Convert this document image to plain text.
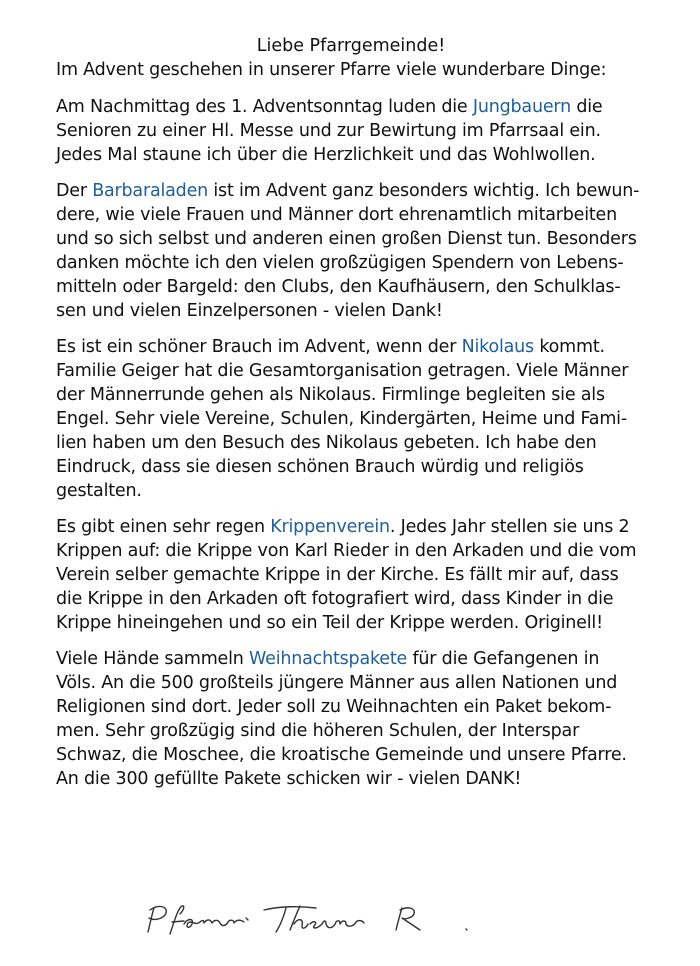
Liebe Pfarrgemeinde!

Im Advent geschehen in unserer Pfarre viele wunderbare Dinge:

Am Nachmittag des 1. Adventsonntag luden die Jungbauern die
Senioren zu einer Hl. Messe und zur Bewirtung im Pfarrsaal ein.
Jedes Mal staune ich über die Herzlichkeit und das Wohlwollen.

Der Barbaraladen ist im Advent ganz besonders wichtig. Ich bewun-
dere, wie viele Frauen und Männer dort ehrenamtlich mitarbeiten
und so sich selbst und anderen einen großen Dienst tun. Besonders
danken möchte ich den vielen großzügigen Spendern von Lebens-
mitteln oder Bargeld: den Clubs, den Kaufhäusern, den Schulklas-
sen und vielen Einzelpersonen - vielen Dank!

Es ist ein schöner Brauch im Advent, wenn der Nikolaus kommt.
Familie Geiger hat die Gesamtorganisation getragen. Viele Männer
der Männerrunde gehen als Nikolaus. Firmlinge begleiten sie als
Engel. Sehr viele Vereine, Schulen, Kindergärten, Heime und Fami-
lien haben um den Besuch des Nikolaus gebeten. Ich habe den
Eindruck, dass sie diesen schönen Brauch würdig und religiös
gestalten.

Es gibt einen sehr regen Krippenverein. Jedes Jahr stellen sie uns 2
Krippen auf: die Krippe von Karl Rieder in den Arkaden und die vom
Verein selber gemachte Krippe in der Kirche. Es fällt mir auf, dass
die Krippe in den Arkaden oft fotografiert wird, dass Kinder in die
Krippe hineingehen und so ein Teil der Krippe werden. Originell!

Viele Hände sammeln Weihnachtspakete für die Gefangenen in
Völs. An die 500 großteils jüngere Männer aus allen Nationen und
Religionen sind dort. Jeder soll zu Weihnachten ein Paket bekom-
men. Sehr großzügig sind die höheren Schulen, der Interspar
Schwaz, die Moschee, die kroatische Gemeinde und unsere Pfarre.
An die 300 gefüllte Pakete schicken wir - vielen DANK!
